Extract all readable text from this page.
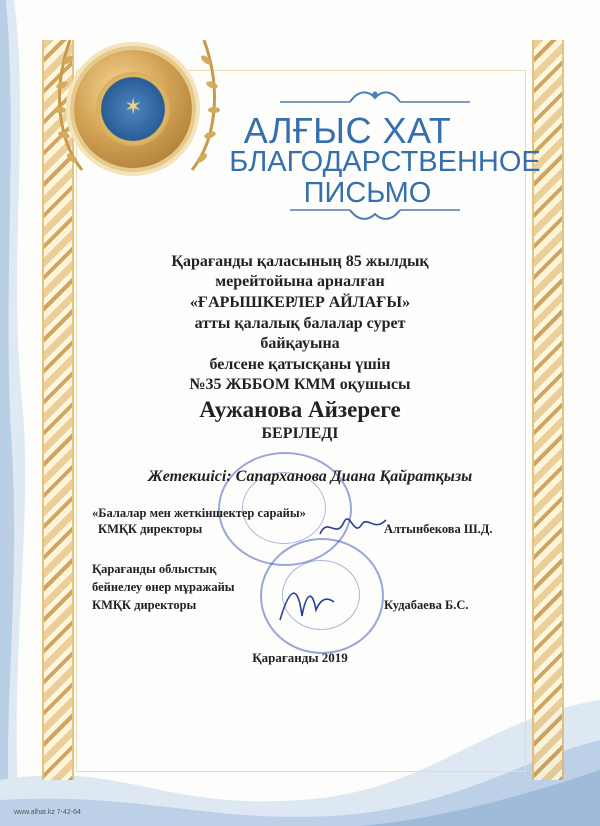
✶
АЛҒЫС ХАТ
БЛАГОДАРСТВЕННОЕ
ПИСЬМО
Қарағанды қаласының 85 жылдық
мерейтойына арналған
«ҒАРЫШКЕРЛЕР АЙЛАҒЫ»
атты қалалық балалар сурет
байқауына
белсене қатысқаны үшін
№35 ЖББОМ КММ оқушысы
Аужанова Айзереге
БЕРІЛЕДІ
Жетекшісі: Сапарханова Диана Қайратқызы
«Балалар мен жеткіншектер сарайы»
КМҚК директоры	Алтынбекова Ш.Д.
Қарағанды облыстық
бейнелеу өнер мұражайы
КМҚК директоры	Кудабаева Б.С.
Қарағанды 2019
www.alhat.kz 7-42-64
